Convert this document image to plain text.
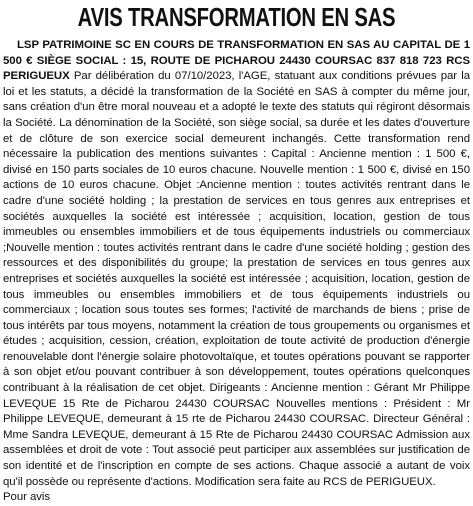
AVIS TRANSFORMATION EN SAS

LSP PATRIMOINE SC EN COURS DE TRANSFORMATION EN SAS AU CAPITAL DE 1 500 € SIÈGE SOCIAL : 15, ROUTE DE PICHAROU 24430 COURSAC 837 818 723 RCS PERIGUEUX Par délibération du 07/10/2023, l'AGE, statuant aux conditions prévues par la loi et les statuts, a décidé la transformation de la Société en SAS à compter du même jour, sans création d'un être moral nouveau et a adopté le texte des statuts qui régiront désormais la Société. La dénomination de la Société, son siège social, sa durée et les dates d'ouverture et de clôture de son exercice social demeurent inchangés. Cette transformation rend nécessaire la publication des mentions suivantes : Capital : Ancienne mention : 1 500 €, divisé en 150 parts sociales de 10 euros chacune. Nouvelle mention : 1 500 €, divisé en 150 actions de 10 euros chacune. Objet :Ancienne mention : toutes activités rentrant dans le cadre d'une société holding ; la prestation de services en tous genres aux entreprises et sociétés auxquelles la société est intéressée ; acquisition, location, gestion de tous immeubles ou ensembles immobiliers et de tous équipements industriels ou commerciaux ;Nouvelle mention : toutes activités rentrant dans le cadre d'une société holding ; gestion des ressources et des disponibilités du groupe; la prestation de services en tous genres aux entreprises et sociétés auxquelles la société est intéressée ; acquisition, location, gestion de tous immeubles ou ensembles immobiliers et de tous équipements industriels ou commerciaux ; location sous toutes ses formes; l'activité de marchands de biens ; prise de tous intérêts par tous moyens, notamment la création de tous groupements ou organismes et études ; acquisition, cession, création, exploitation de toute activité de production d'énergie renouvelable dont l'énergie solaire photovoltaïque, et toutes opérations pouvant se rapporter à son objet et/ou pouvant contribuer à son développement, toutes opérations quelconques contribuant à la réalisation de cet objet. Dirigeants : Ancienne mention : Gérant Mr Philippe LEVEQUE 15 Rte de Picharou 24430 COURSAC Nouvelles mentions : Président : Mr Philippe LEVEQUE, demeurant à 15 rte de Picharou 24430 COURSAC. Directeur Général : Mme Sandra LEVEQUE, demeurant à 15 Rte de Picharou 24430 COURSAC Admission aux assemblées et droit de vote : Tout associé peut participer aux assemblées sur justification de son identité et de l'inscription en compte de ses actions. Chaque associé a autant de voix qu'il possède ou représente d'actions. Modification sera faite au RCS de PERIGUEUX.
Pour avis
